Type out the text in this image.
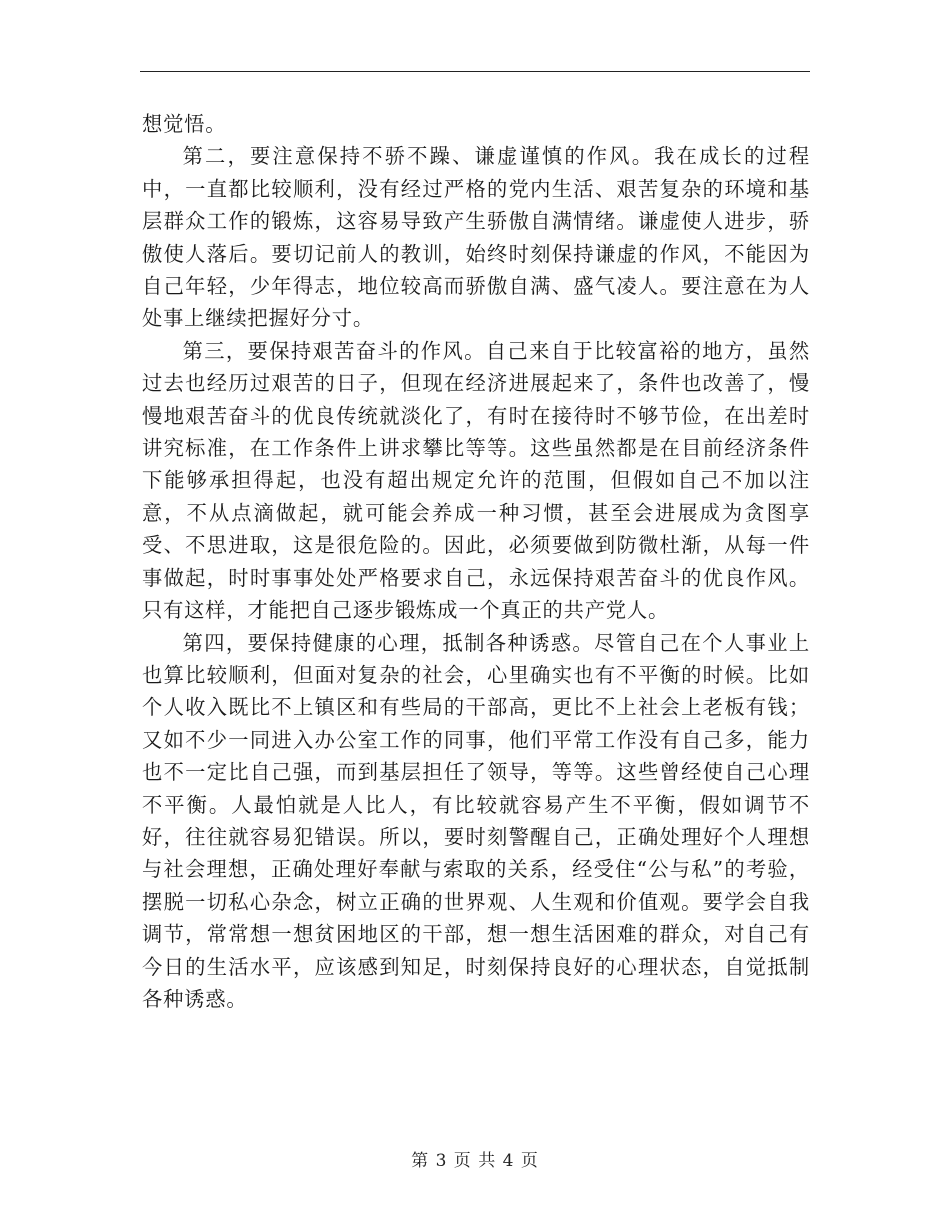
想觉悟。

第二，要注意保持不骄不躁、谦虚谨慎的作风。我在成长的过程中，一直都比较顺利，没有经过严格的党内生活、艰苦复杂的环境和基层群众工作的锻炼，这容易导致产生骄傲自满情绪。谦虚使人进步，骄傲使人落后。要切记前人的教训，始终时刻保持谦虚的作风，不能因为自己年轻，少年得志，地位较高而骄傲自满、盛气凌人。要注意在为人处事上继续把握好分寸。

第三，要保持艰苦奋斗的作风。自己来自于比较富裕的地方，虽然过去也经历过艰苦的日子，但现在经济进展起来了，条件也改善了，慢慢地艰苦奋斗的优良传统就淡化了，有时在接待时不够节俭，在出差时讲究标准，在工作条件上讲求攀比等等。这些虽然都是在目前经济条件下能够承担得起，也没有超出规定允许的范围，但假如自己不加以注意，不从点滴做起，就可能会养成一种习惯，甚至会进展成为贪图享受、不思进取，这是很危险的。因此，必须要做到防微杜渐，从每一件事做起，时时事事处处严格要求自己，永远保持艰苦奋斗的优良作风。只有这样，才能把自己逐步锻炼成一个真正的共产党人。

第四，要保持健康的心理，抵制各种诱惑。尽管自己在个人事业上也算比较顺利，但面对复杂的社会，心里确实也有不平衡的时候。比如个人收入既比不上镇区和有些局的干部高，更比不上社会上老板有钱；又如不少一同进入办公室工作的同事，他们平常工作没有自己多，能力也不一定比自己强，而到基层担任了领导，等等。这些曾经使自己心理不平衡。人最怕就是人比人，有比较就容易产生不平衡，假如调节不好，往往就容易犯错误。所以，要时刻警醒自己，正确处理好个人理想与社会理想，正确处理好奉献与索取的关系，经受住“公与私”的考验，摆脱一切私心杂念，树立正确的世界观、人生观和价值观。要学会自我调节，常常想一想贫困地区的干部，想一想生活困难的群众，对自己有今日的生活水平，应该感到知足，时刻保持良好的心理状态，自觉抵制各种诱惑。

第 3 页 共 4 页
